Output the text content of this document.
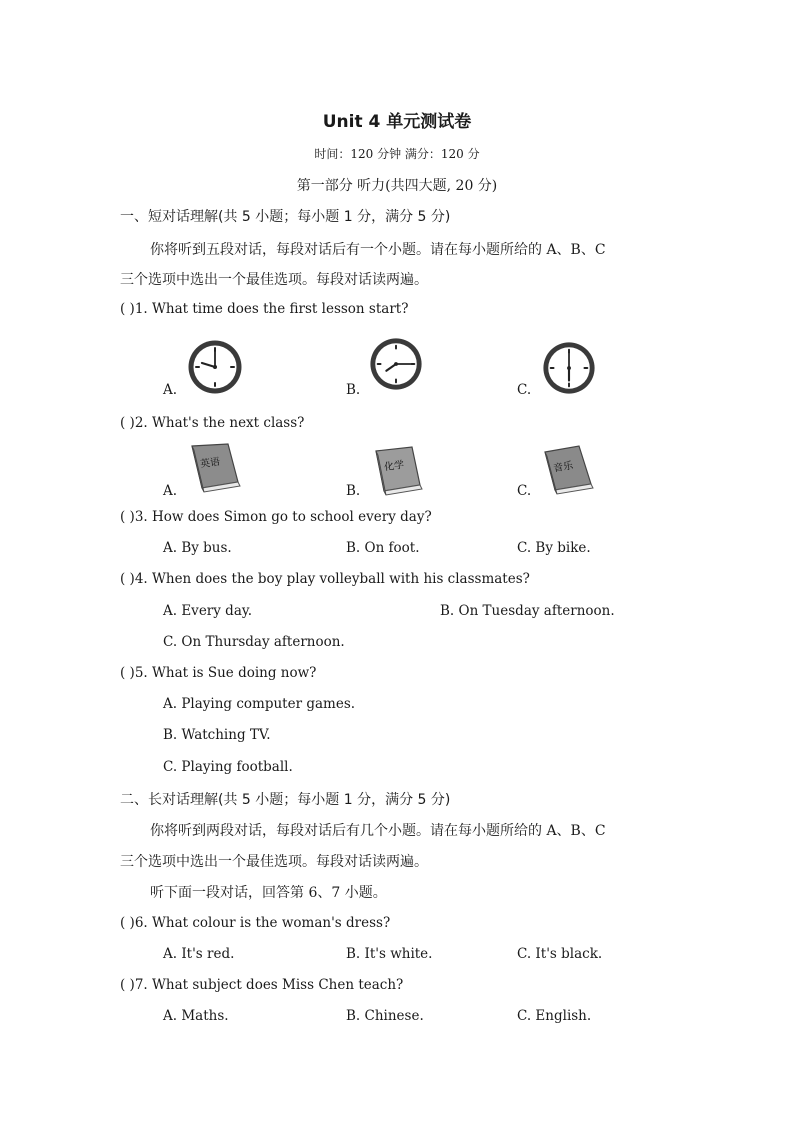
Unit 4 单元测试卷
时间：120 分钟 满分：120 分
第一部分 听力(共四大题, 20 分)
一、短对话理解(共 5 小题；每小题 1 分，满分 5 分)
你将听到五段对话，每段对话后有一个小题。请在每小题所给的 A、B、C
三个选项中选出一个最佳选项。每段对话读两遍。
( )1. What time does the first lesson start?
A.	B.	C.
( )2. What's the next class?
A.	B.	C.
英语	化学	音乐
( )3. How does Simon go to school every day?
A. By bus.	B. On foot.	C. By bike.
( )4. When does the boy play volleyball with his classmates?
A. Every day.	B. On Tuesday afternoon.
C. On Thursday afternoon.
( )5. What is Sue doing now?
A. Playing computer games.
B. Watching TV.
C. Playing football.
二、长对话理解(共 5 小题；每小题 1 分，满分 5 分)
你将听到两段对话，每段对话后有几个小题。请在每小题所给的 A、B、C
三个选项中选出一个最佳选项。每段对话读两遍。
听下面一段对话，回答第 6、7 小题。
( )6. What colour is the woman's dress?
A. It's red.	B. It's white.	C. It's black.
( )7. What subject does Miss Chen teach?
A. Maths.	B. Chinese.	C. English.
